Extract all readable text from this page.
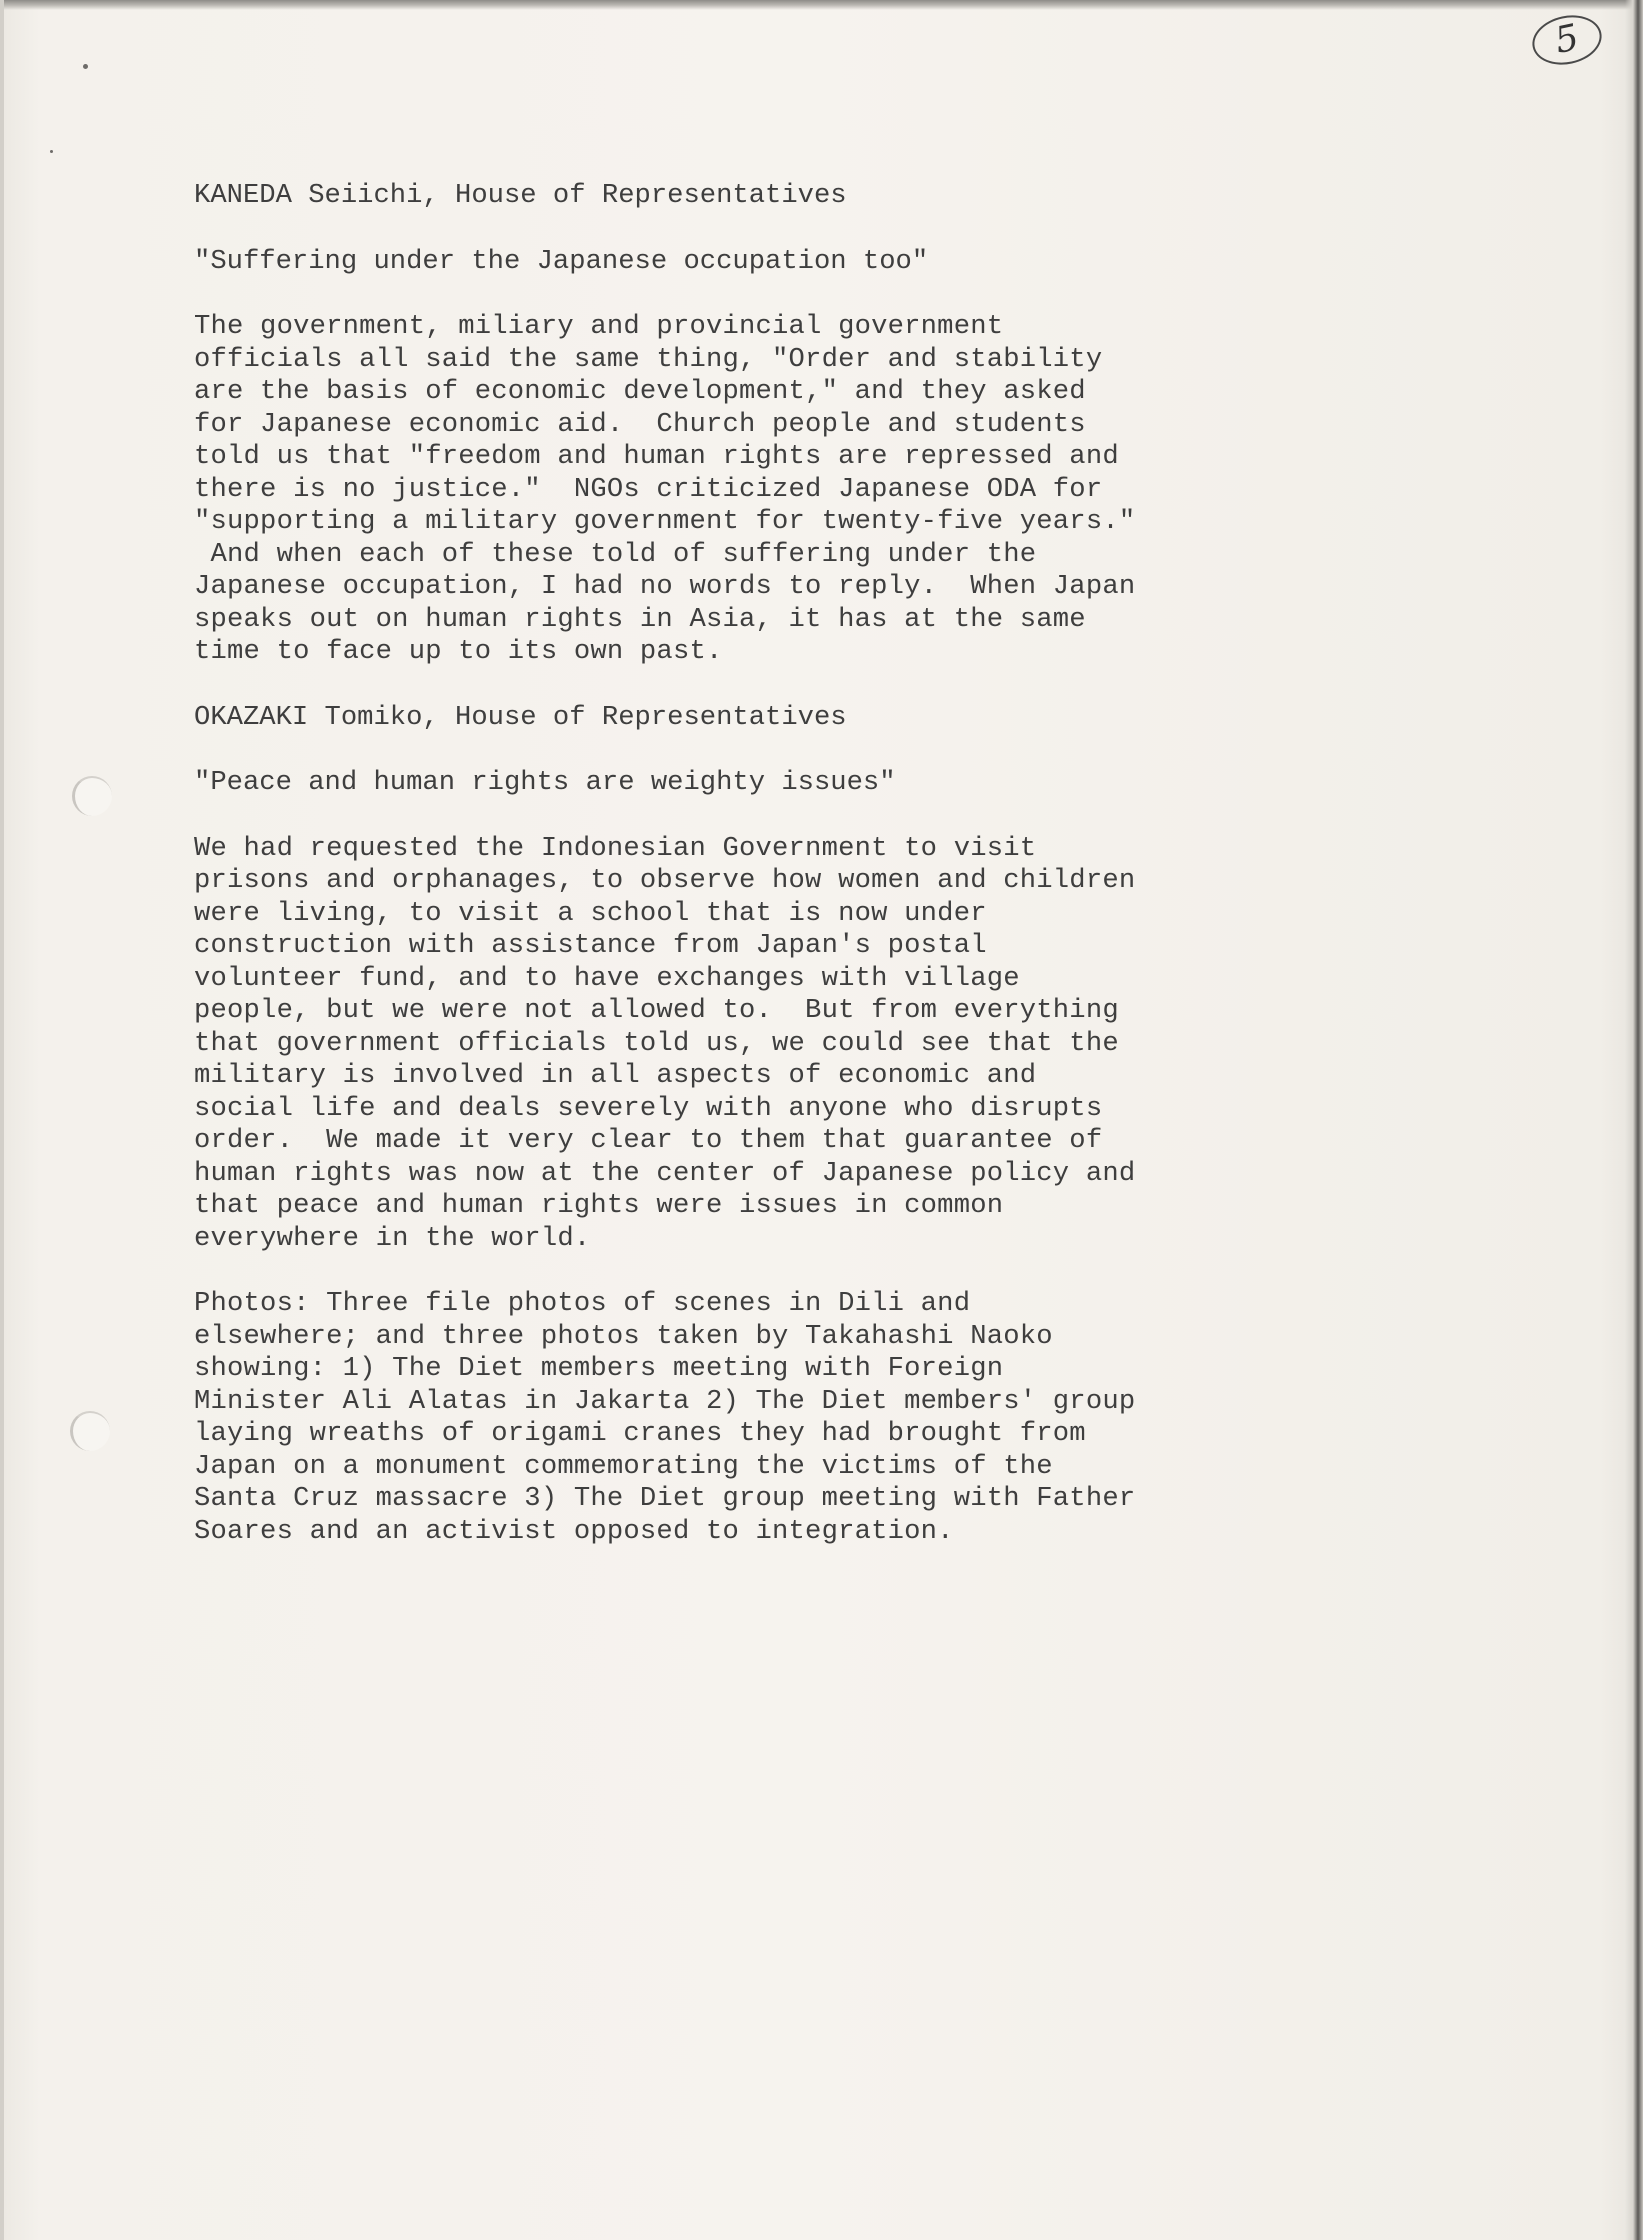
5

KANEDA Seiichi, House of Representatives

"Suffering under the Japanese occupation too"

The government, miliary and provincial government

officials all said the same thing, "Order and stability

are the basis of economic development," and they asked

for Japanese economic aid.  Church people and students

told us that "freedom and human rights are repressed and

there is no justice."  NGOs criticized Japanese ODA for

"supporting a military government for twenty-five years."

And when each of these told of suffering under the

Japanese occupation, I had no words to reply.  When Japan

speaks out on human rights in Asia, it has at the same

time to face up to its own past.

OKAZAKI Tomiko, House of Representatives

"Peace and human rights are weighty issues"

We had requested the Indonesian Government to visit

prisons and orphanages, to observe how women and children

were living, to visit a school that is now under

construction with assistance from Japan's postal

volunteer fund, and to have exchanges with village

people, but we were not allowed to.  But from everything

that government officials told us, we could see that the

military is involved in all aspects of economic and

social life and deals severely with anyone who disrupts

order.  We made it very clear to them that guarantee of

human rights was now at the center of Japanese policy and

that peace and human rights were issues in common

everywhere in the world.

Photos: Three file photos of scenes in Dili and

elsewhere; and three photos taken by Takahashi Naoko

showing: 1) The Diet members meeting with Foreign

Minister Ali Alatas in Jakarta 2) The Diet members' group

laying wreaths of origami cranes they had brought from

Japan on a monument commemorating the victims of the

Santa Cruz massacre 3) The Diet group meeting with Father

Soares and an activist opposed to integration.
